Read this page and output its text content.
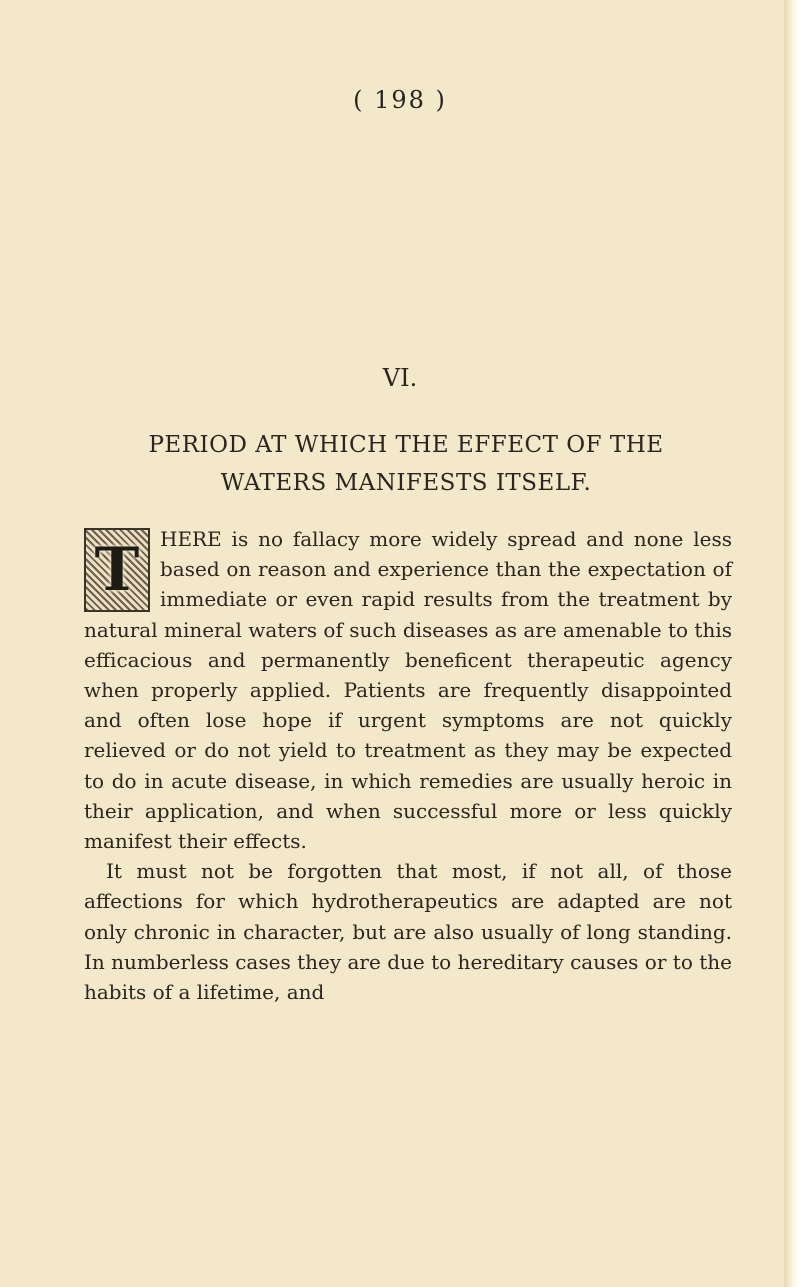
( 198 )
VI.
PERIOD AT WHICH THE EFFECT OF THE WATERS MANIFESTS ITSELF.

T	HERE is no fallacy more widely spread and none less based on reason and experience than the expectation of immediate or even rapid results from the treatment by natural mineral waters of such diseases as are amenable to this efficacious and permanently beneficent therapeutic agency when properly applied. Patients are frequently disappointed and often lose hope if urgent symptoms are not quickly relieved or do not yield to treatment as they may be expected to do in acute disease, in which remedies are usually heroic in their application, and when successful more or less quickly manifest their effects.

It must not be forgotten that most, if not all, of those affections for which hydrotherapeutics are adapted are not only chronic in character, but are also usually of long standing. In numberless cases they are due to hereditary causes or to the habits of a lifetime, and
